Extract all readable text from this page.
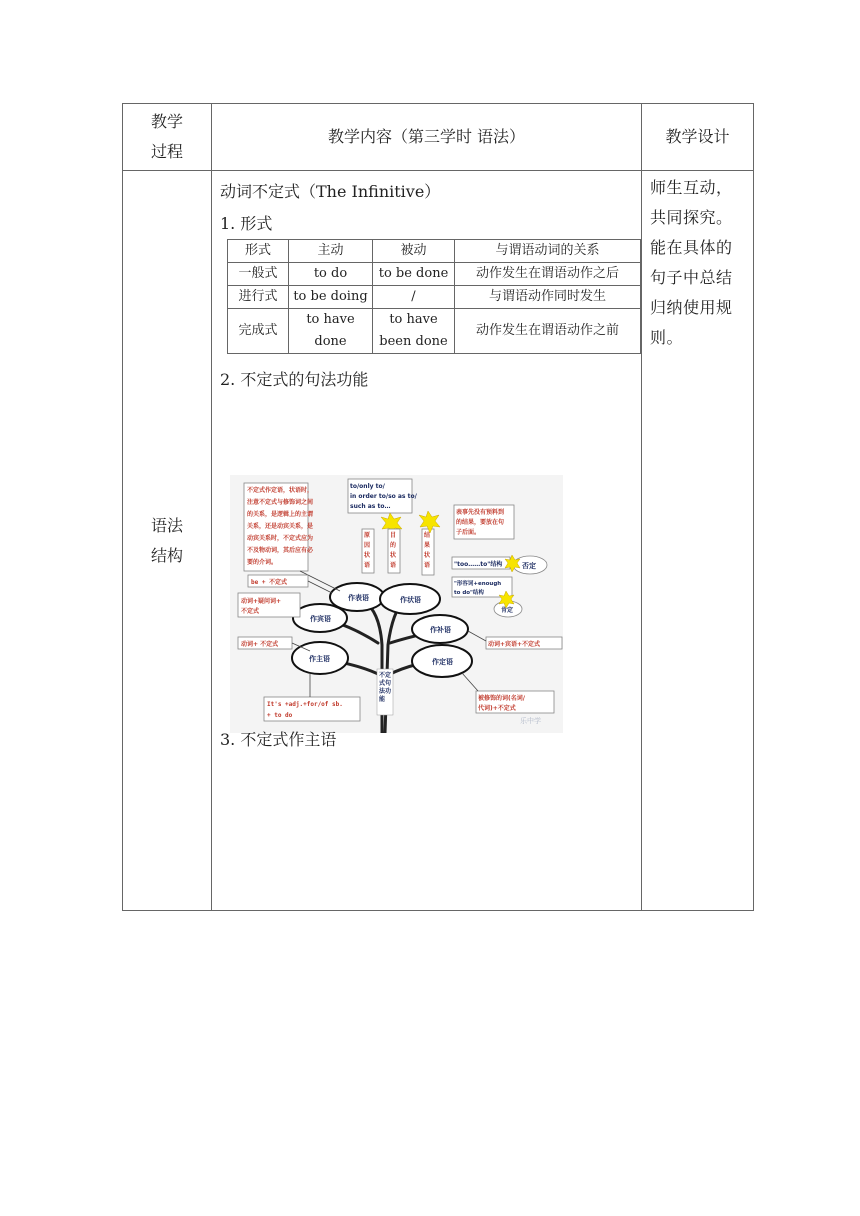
教学
过程
	教学内容（第三学时 语法）	教学设计

语法
结构

动词不定式（The Infinitive）
1. 形式
形式	主动	被动	与谓语动词的关系
一般式	to do	to be done	动作发生在谓语动作之后
进行式	to be doing	/	与谓语动作同时发生
完成式	to have done	to have been done	动作发生在谓语动作之前
2. 不定式的句法功能
作表语	作状语
作宾语
作补语
作主语	作定语
不定式句法功能
不定式作定语，状语时， 注意不定式与修饰词之间 的关系，是逻辑上的主谓 关系，还是动宾关系，是 动宾关系时，不定式应为 不及物动词，其后应有必 要的介词。
to/only to/ in order to/so as to/ such as to…
原因状语
目的状语
结果状语
表事先没有预料到 的结果，要放在句 子后面。
"too……to"结构	否定
"形容词+enough to do"结构
肯定
be + 不定式
动词+疑问词+ 不定式
动词+ 不定式	动词+宾语+不定式
It's +adj.+for/of sb. + to do
被修饰的词(名词/ 代词)+不定式
乐中学
3. 不定式作主语
	师生互动，共同探究。能在具体的句子中总结归纳使用规则。
